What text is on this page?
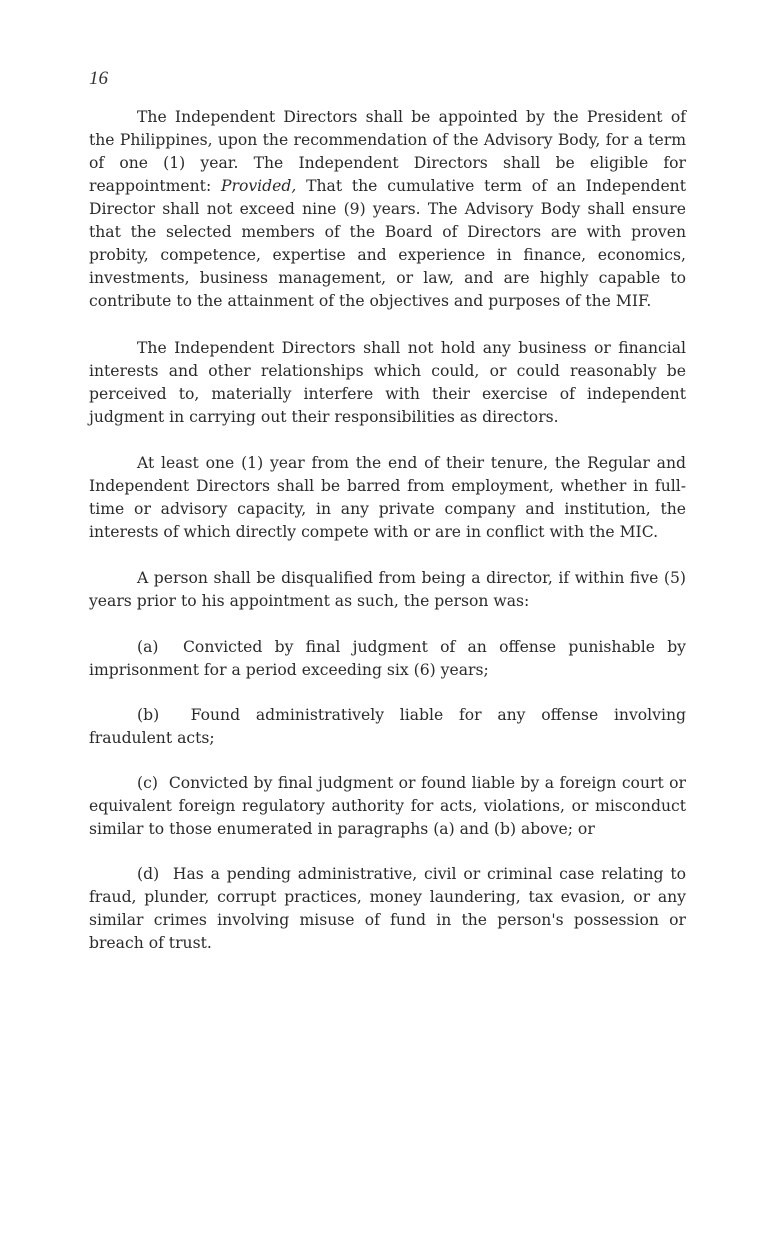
16

The Independent Directors shall be appointed by the President of the Philippines, upon the recommendation of the Advisory Body, for a term of one (1) year. The Independent Directors shall be eligible for reappointment: Provided, That the cumulative term of an Independent Director shall not exceed nine (9) years. The Advisory Body shall ensure that the selected members of the Board of Directors are with proven probity, competence, expertise and experience in finance, economics, investments, business management, or law, and are highly capable to contribute to the attainment of the objectives and purposes of the MIF.

The Independent Directors shall not hold any business or financial interests and other relationships which could, or could reasonably be perceived to, materially interfere with their exercise of independent judgment in carrying out their responsibilities as directors.

At least one (1) year from the end of their tenure, the Regular and Independent Directors shall be barred from employment, whether in full-time or advisory capacity, in any private company and institution, the interests of which directly compete with or are in conflict with the MIC.

A person shall be disqualified from being a director, if within five (5) years prior to his appointment as such, the person was:

(a) Convicted by final judgment of an offense punishable by imprisonment for a period exceeding six (6) years;

(b) Found administratively liable for any offense involving fraudulent acts;

(c) Convicted by final judgment or found liable by a foreign court or equivalent foreign regulatory authority for acts, violations, or misconduct similar to those enumerated in paragraphs (a) and (b) above; or

(d) Has a pending administrative, civil or criminal case relating to fraud, plunder, corrupt practices, money laundering, tax evasion, or any similar crimes involving misuse of fund in the person's possession or breach of trust.
